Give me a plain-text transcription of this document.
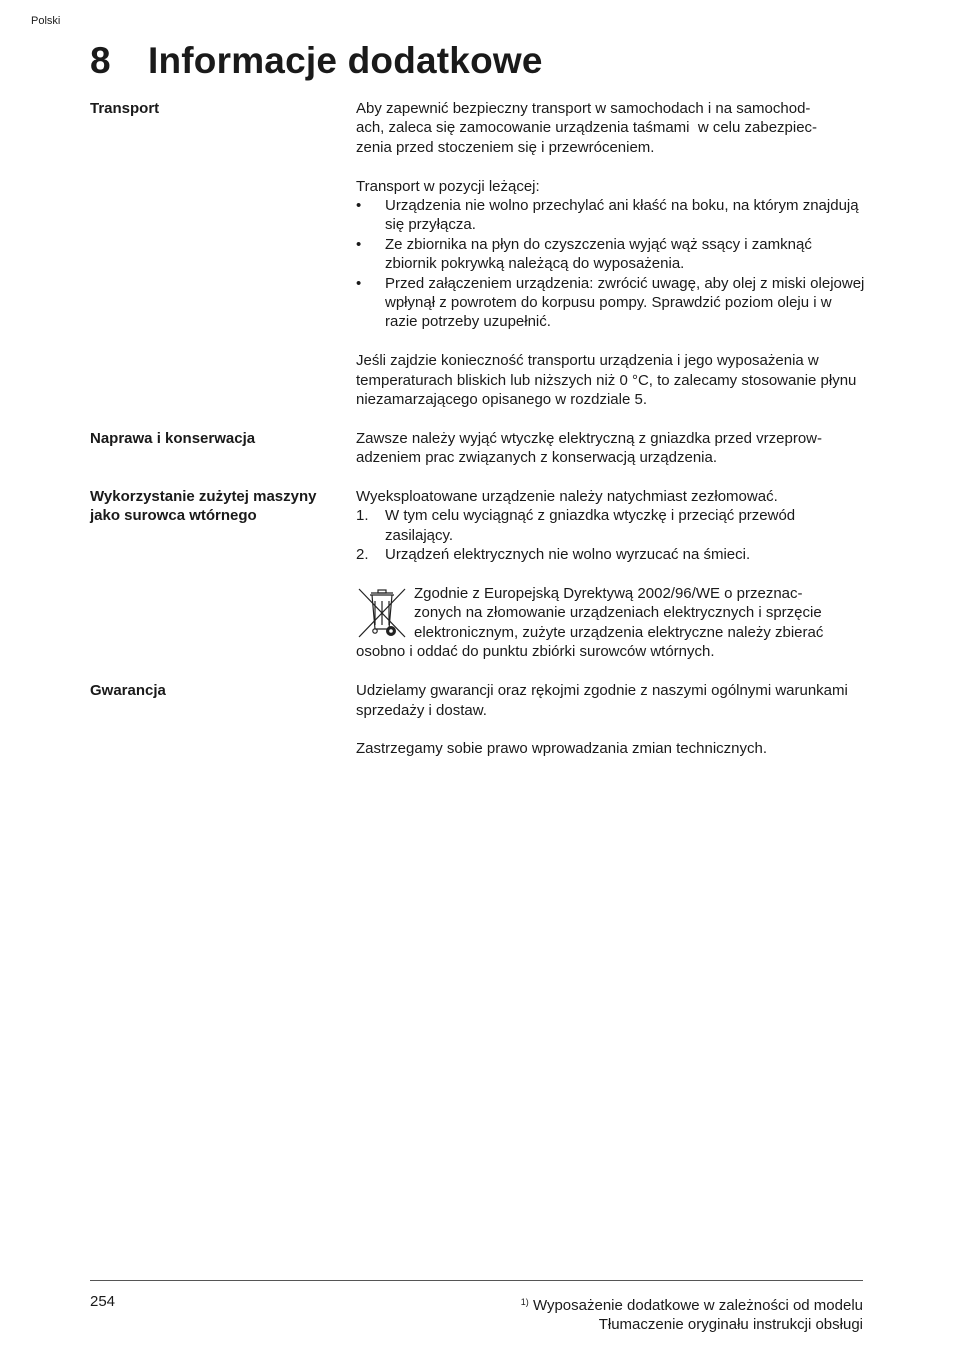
Polski
8 Informacje dodatkowe
Transport	Aby zapewnić bezpieczny transport w samochodach i na samochod-
ach, zaleca się zamocowanie urządzenia taśmami  w celu zabezpiec-
zenia przed stoczeniem się i przewróceniem.

Transport w pozycji leżącej:

•	Urządzenia nie wolno przechylać ani kłaść na boku, na którym znajdują się przyłącza.
•	Ze zbiornika na płyn do czyszczenia wyjąć wąż ssący i zamknąć zbiornik pokrywką należącą do wyposażenia.
•	Przed załączeniem urządzenia: zwrócić uwagę, aby olej z miski olejowej wpłynął z powrotem do korpusu pompy. Sprawdzić poziom oleju i w razie potrzeby uzupełnić.

Jeśli zajdzie konieczność transportu urządzenia i jego wyposażenia w temperaturach bliskich lub niższych niż 0 °C, to zalecamy stosowanie płynu niezamarzającego opisanego w rozdziale 5.

Naprawa i konserwacja	Zawsze należy wyjąć wtyczkę elektryczną z gniazdka przed vrzeprow-
adzeniem prac związanych z konserwacją urządzenia.

Wykorzystanie zużytej maszyny jako surowca wtórnego

Wyeksploatowane urządzenie należy natychmiast zezłomować.

1.	W tym celu wyciągnąć z gniazdka wtyczkę i przeciąć przewód zasilający.
2.	Urządzeń elektrycznych nie wolno wyrzucać na śmieci.

Zgodnie z Europejską Dyrektywą 2002/96/WE o przeznac-
zonych na złomowanie urządzeniach elektrycznych i sprzęcie
elektronicznym, zużyte urządzenia elektryczne należy zbierać
osobno i oddać do punktu zbiórki surowców wtórnych.

Gwarancja	Udzielamy gwarancji oraz rękojmi zgodnie z naszymi ogólnymi warunkami sprzedaży i dostaw.

Zastrzegamy sobie prawo wprowadzania zmian technicznych.

254	$^{1)}$ Wyposażenie dodatkowe w zależności od modelu
Tłumaczenie oryginału instrukcji obsługi
